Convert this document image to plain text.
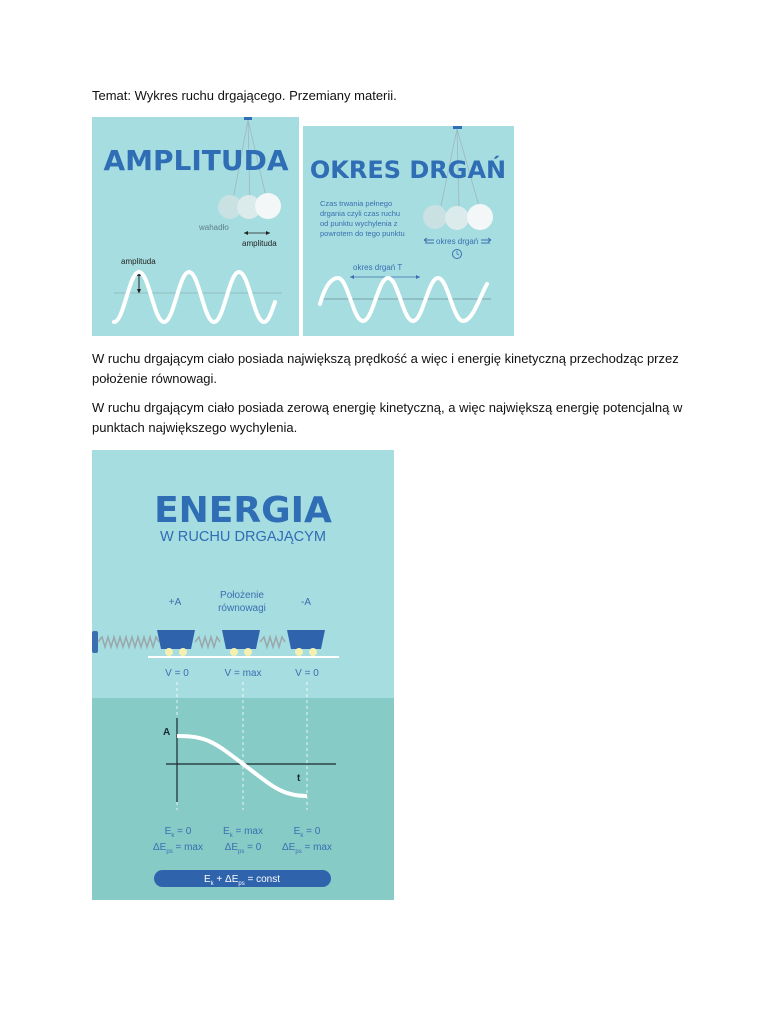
Temat: Wykres ruchu drgającego. Przemiany materii.

AMPLITUDA
wahadło
amplituda
amplituda
OKRES DRGAŃ
Czas trwania pełnego
drgania czyli czas ruchu
od punktu wychylenia z
powrotem do tego punktu
okres drgań
okres drgań T

W ruchu drgającym ciało posiada największą prędkość a więc i energię kinetyczną przechodząc przez położenie równowagi.

W ruchu drgającym ciało posiada zerową energię kinetyczną, a więc największą energię potencjalną w punktach największego wychylenia.

ENERGIA
W RUCHU DRGAJĄCYM
+A
Położenie
równowagi
-A
V = 0	V = max	V = 0
A
t
$E_k = 0$
$\Delta E_{ps} = \max$
$E_k = \max$
$\Delta E_{ps} = 0$
$E_k = 0$
$\Delta E_{ps} = \max$
$E_k + \Delta E_{ps}$ = const
